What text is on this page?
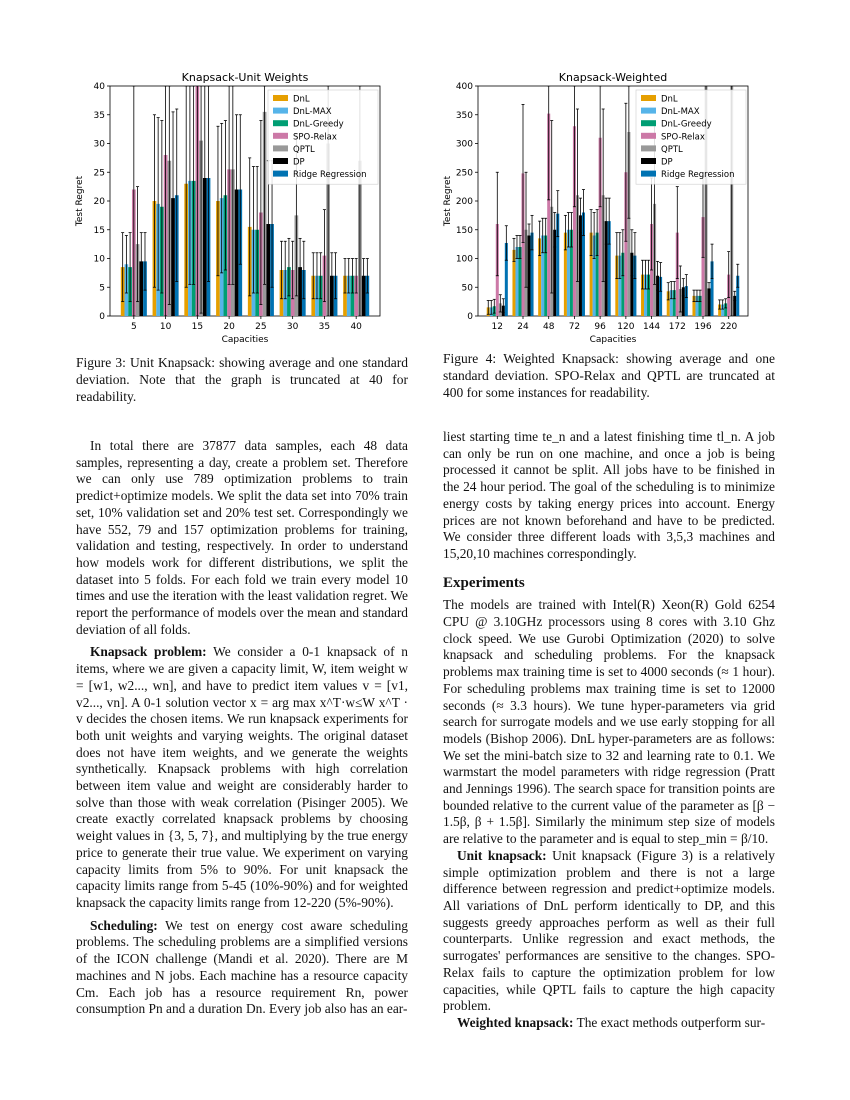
Knapsack-Unit Weights
0
5
10
15
20
25
30
35
40
Test Regret
Capacities
5	10 15 20 25 30 35 40
DnL
DnL-MAX
DnL-Greedy
SPO-Relax
QPTL
DP
Ridge Regression
Knapsack-Weighted
0
50
100
150
200
250
300
350
400
Test Regret
Capacities
12 24 48 72 96 120 144 172 196 220
DnL
DnL-MAX
DnL-Greedy
SPO-Relax
QPTL
DP
Ridge Regression
Figure 3: Unit Knapsack: showing average and one standard deviation. Note that the graph is truncated at 40 for readability.
Figure 4: Weighted Knapsack: showing average and one standard deviation. SPO-Relax and QPTL are truncated at 400 for some instances for readability.

In total there are 37877 data samples, each 48 data samples, representing a day, create a problem set. Therefore we can only use 789 optimization problems to train predict+optimize models. We split the data set into 70% train set, 10% validation set and 20% test set. Correspondingly we have 552, 79 and 157 optimization problems for training, validation and testing, respectively. In order to understand how models work for different distributions, we split the dataset into 5 folds. For each fold we train every model 10 times and use the iteration with the least validation regret. We report the performance of models over the mean and standard deviation of all folds.

Knapsack problem: We consider a 0-1 knapsack of n items, where we are given a capacity limit, W, item weight w = [w1, w2..., wn], and have to predict item values v = [v1, v2..., vn]. A 0-1 solution vector x = arg max x^T·w≤W x^T · v decides the chosen items. We run knapsack experiments for both unit weights and varying weights. The original dataset does not have item weights, and we generate the weights synthetically. Knapsack problems with high correlation between item value and weight are considerably harder to solve than those with weak correlation (Pisinger 2005). We create exactly correlated knapsack problems by choosing weight values in {3, 5, 7}, and multiplying by the true energy price to generate their true value. We experiment on varying capacity limits from 5% to 90%. For unit knapsack the capacity limits range from 5-45 (10%-90%) and for weighted knapsack the capacity limits range from 12-220 (5%-90%).

Scheduling: We test on energy cost aware scheduling problems. The scheduling problems are a simplified versions of the ICON challenge (Mandi et al. 2020). There are M machines and N jobs. Each machine has a resource capacity Cm. Each job has a resource requirement Rn, power consumption Pn and a duration Dn. Every job also has an ear-

liest starting time te_n and a latest finishing time tl_n. A job can only be run on one machine, and once a job is being processed it cannot be split. All jobs have to be finished in the 24 hour period. The goal of the scheduling is to minimize energy costs by taking energy prices into account. Energy prices are not known beforehand and have to be predicted. We consider three different loads with 3,5,3 machines and 15,20,10 machines correspondingly.

Experiments

The models are trained with Intel(R) Xeon(R) Gold 6254 CPU @ 3.10GHz processors using 8 cores with 3.10 Ghz clock speed. We use Gurobi Optimization (2020) to solve knapsack and scheduling problems. For the knapsack problems max training time is set to 4000 seconds (≈ 1 hour). For scheduling problems max training time is set to 12000 seconds (≈ 3.3 hours). We tune hyper-parameters via grid search for surrogate models and we use early stopping for all models (Bishop 2006). DnL hyper-parameters are as follows: We set the mini-batch size to 32 and learning rate to 0.1. We warmstart the model parameters with ridge regression (Pratt and Jennings 1996). The search space for transition points are bounded relative to the current value of the parameter as [β − 1.5β, β + 1.5β]. Similarly the minimum step size of models are relative to the parameter and is equal to step_min = β/10.

Unit knapsack: Unit knapsack (Figure 3) is a relatively simple optimization problem and there is not a large difference between regression and predict+optimize models. All variations of DnL perform identically to DP, and this suggests greedy approaches perform as well as their full counterparts. Unlike regression and exact methods, the surrogates' performances are sensitive to the changes. SPO-Relax fails to capture the optimization problem for low capacities, while QPTL fails to capture the high capacity problem.

Weighted knapsack: The exact methods outperform sur-
